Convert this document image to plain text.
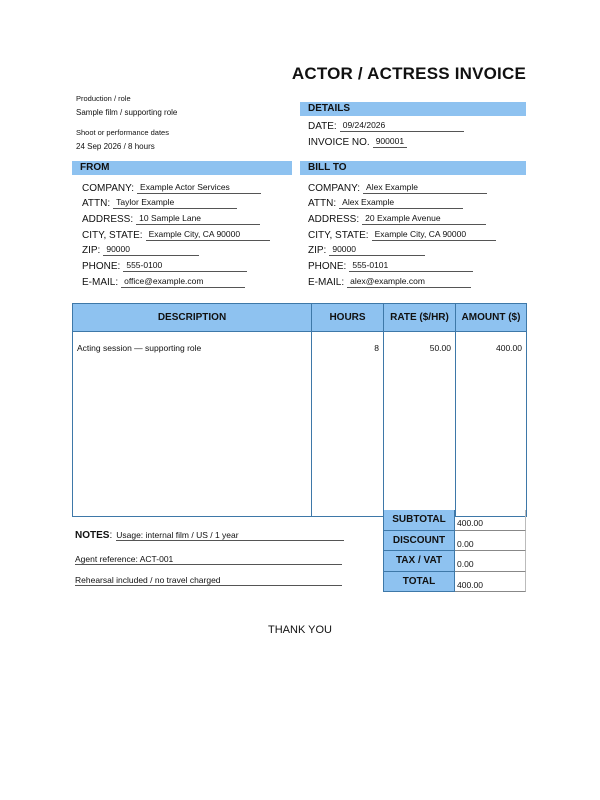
ACTOR / ACTRESS INVOICE
Production / role
Sample film / supporting role
Shoot or performance dates
24 Sep 2026 / 8 hours
DETAILS
DATE: 09/24/2026
INVOICE NO. 900001
FROM
COMPANY: Example Actor Services
ATTN: Taylor Example
ADDRESS: 10 Sample Lane
CITY, STATE: Example City, CA 90000
ZIP: 90000
PHONE: 555-0100
E-MAIL: office@example.com
BILL TO
COMPANY: Alex Example
ATTN: Alex Example
ADDRESS: 20 Example Avenue
CITY, STATE: Example City, CA 90000
ZIP: 90000
PHONE: 555-0101
E-MAIL: alex@example.com
DESCRIPTION	HOURS	RATE ($/HR)	AMOUNT ($)
Acting session — supporting role	8	50.00	400.00

SUBTOTAL	400.00
DISCOUNT	0.00
TAX / VAT	0.00
TOTAL	400.00
NOTES : Usage: internal film / US / 1 year
Agent reference: ACT-001
Rehearsal included / no travel charged
THANK YOU
